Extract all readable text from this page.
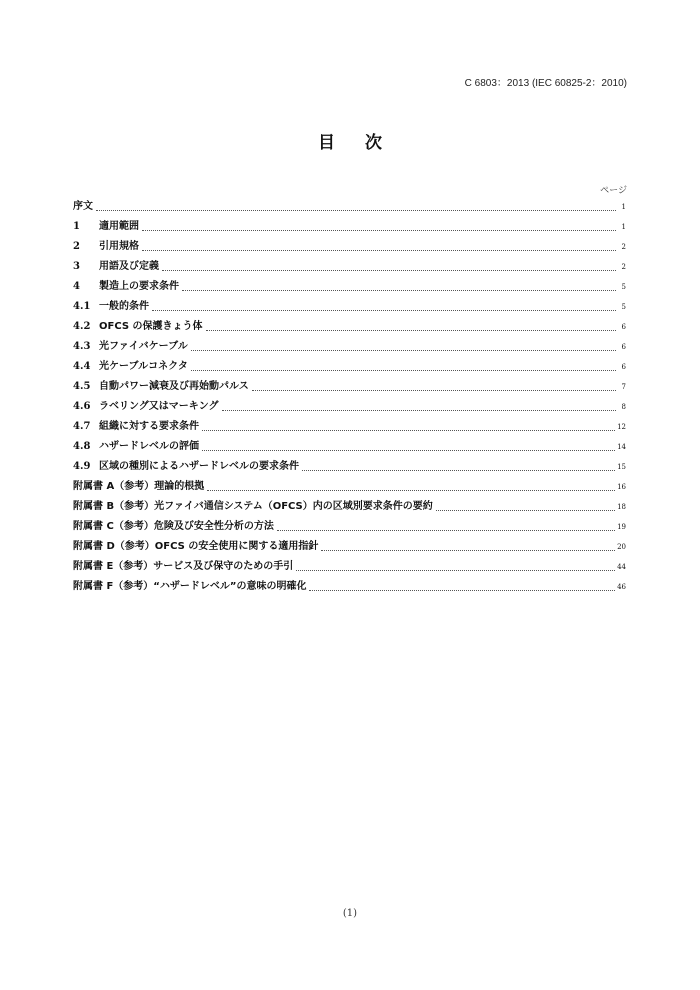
C 6803：2013 (IEC 60825-2：2010)
目 次
ページ
序文	1
1	適用範囲	1
2	引用規格	2
3	用語及び定義	2
4	製造上の要求条件	5
4.1 一般的条件	5
4.2 OFCS の保護きょう体	6
4.3 光ファイバケーブル	6
4.4 光ケーブルコネクタ	6
4.5 自動パワー減衰及び再始動パルス	7
4.6 ラベリング又はマーキング	8
4.7 組織に対する要求条件	12
4.8 ハザードレベルの評価	14
4.9 区域の種別によるハザードレベルの要求条件	15
附属書 A（参考）理論的根拠	16
附属書 B（参考）光ファイバ通信システム（OFCS）内の区域別要求条件の要約	18
附属書 C（参考）危険及び安全性分析の方法	19
附属書 D（参考）OFCS の安全使用に関する適用指針	20
附属書 E（参考）サービス及び保守のための手引	44
附属書 F（参考）“ハザードレベル”の意味の明確化	46
(1)
